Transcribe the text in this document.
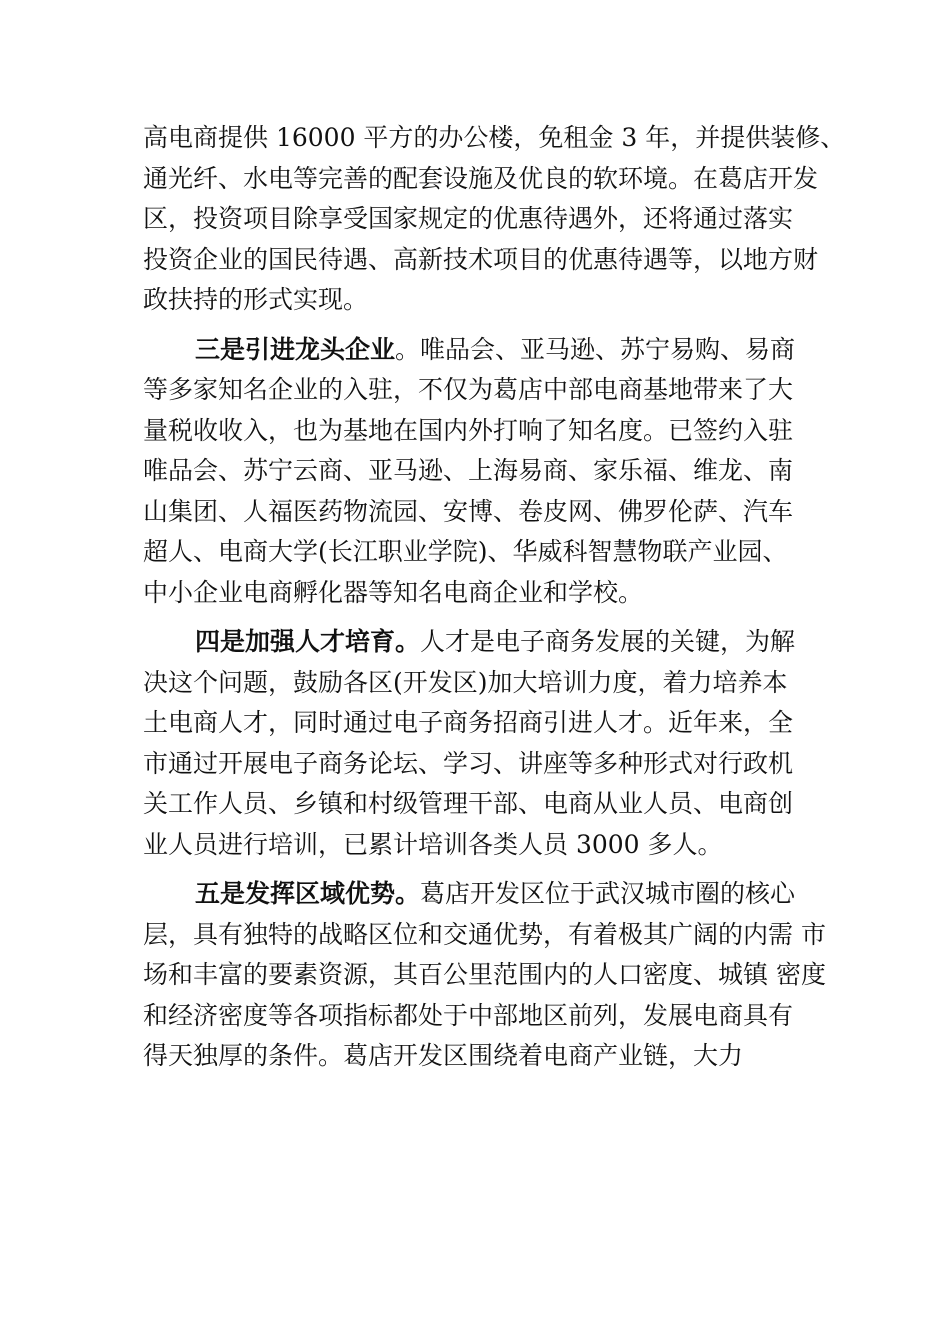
高电商提供 16000 平方的办公楼，免租金 3 年，并提供装修、
通光纤、水电等完善的配套设施及优良的软环境。在葛店开发
区，投资项目除享受国家规定的优惠待遇外，还将通过落实
投资企业的国民待遇、高新技术项目的优惠待遇等，以地方财
政扶持的形式实现。
三是引进龙头企业。唯品会、亚马逊、苏宁易购、易商
等多家知名企业的入驻，不仅为葛店中部电商基地带来了大
量税收收入，也为基地在国内外打响了知名度。已签约入驻
唯品会、苏宁云商、亚马逊、上海易商、家乐福、维龙、南
山集团、人福医药物流园、安博、卷皮网、佛罗伦萨、汽车
超人、电商大学(长江职业学院)、华威科智慧物联产业园、
中小企业电商孵化器等知名电商企业和学校。
四是加强人才培育。人才是电子商务发展的关键，为解
决这个问题，鼓励各区(开发区)加大培训力度，着力培养本
土电商人才，同时通过电子商务招商引进人才。近年来，全
市通过开展电子商务论坛、学习、讲座等多种形式对行政机
关工作人员、乡镇和村级管理干部、电商从业人员、电商创
业人员进行培训，已累计培训各类人员 3000 多人。
五是发挥区域优势。葛店开发区位于武汉城市圈的核心
层，具有独特的战略区位和交通优势，有着极其广阔的内需 市
场和丰富的要素资源，其百公里范围内的人口密度、城镇 密度
和经济密度等各项指标都处于中部地区前列，发展电商具有
得天独厚的条件。葛店开发区围绕着电商产业链，大力
